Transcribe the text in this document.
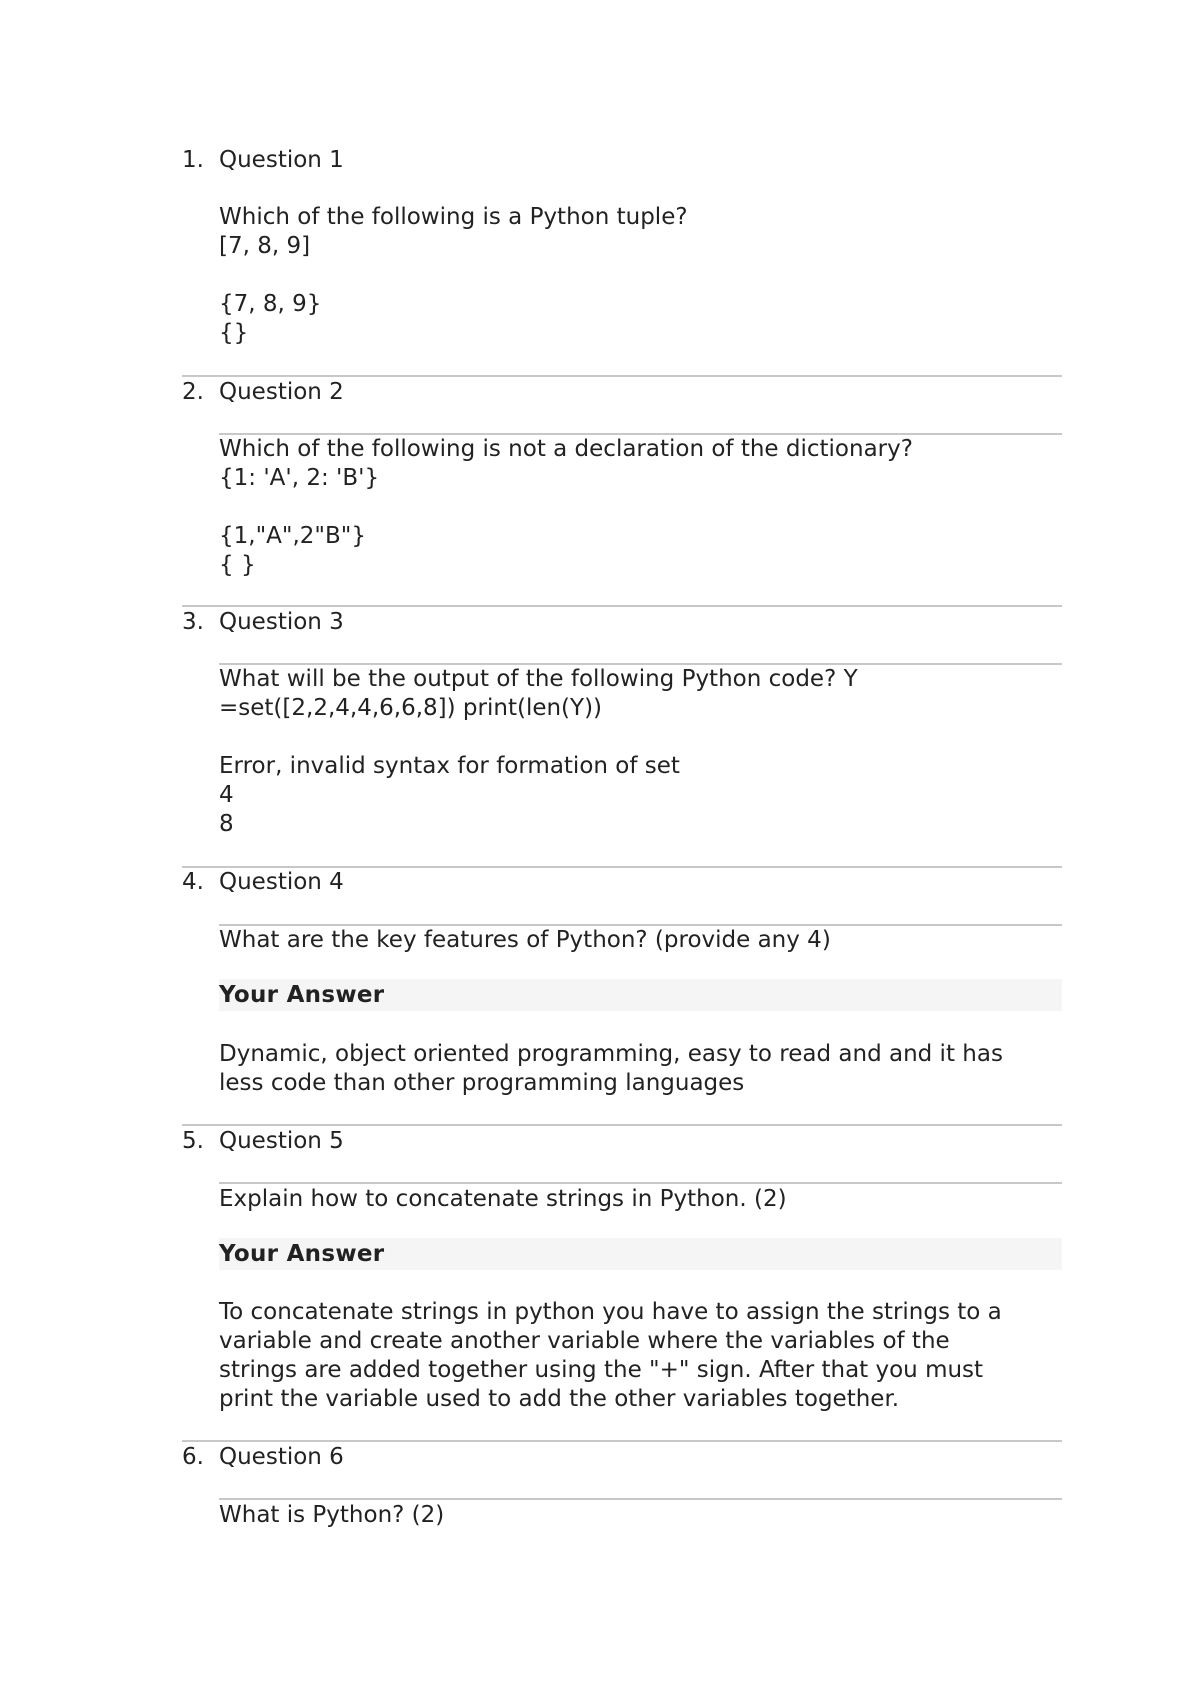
1. Question 1
Which of the following is a Python tuple?
[7, 8, 9]
{7, 8, 9}
{}
2. Question 2
Which of the following is not a declaration of the dictionary?
{1: 'A', 2: 'B'}
{1,"A",2"B"}
{ }
3. Question 3
What will be the output of the following Python code? Y
=set([2,2,4,4,6,6,8]) print(len(Y))
Error, invalid syntax for formation of set
4
8
4. Question 4
What are the key features of Python? (provide any 4)
Your Answer
Dynamic, object oriented programming, easy to read and and it has
less code than other programming languages
5. Question 5
Explain how to concatenate strings in Python. (2)
Your Answer
To concatenate strings in python you have to assign the strings to a
variable and create another variable where the variables of the
strings are added together using the "+" sign. After that you must
print the variable used to add the other variables together.
6. Question 6
What is Python? (2)
